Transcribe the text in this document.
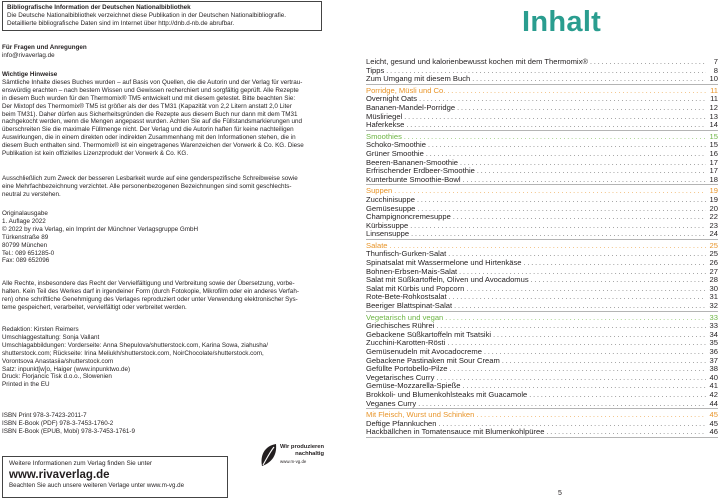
Bibliografische Information der Deutschen Nationalbibliothek
Die Deutsche Nationalbibliothek verzeichnet diese Publikation in der Deutschen Nationalbibliografie.
Detaillierte bibliografische Daten sind im Internet über http://dnb.d-nb.de abrufbar.
Für Fragen und Anregungen
info@rivaverlag.de
Wichtige Hinweise

Sämtliche Inhalte dieses Buches wurden – auf Basis von Quellen, die die Autorin und der Verlag für vertrau-

enswürdig erachten – nach bestem Wissen und Gewissen recherchiert und sorgfältig geprüft. Alle Rezepte

in diesem Buch wurden für den Thermomix® TM5 entwickelt und mit diesem getestet. Bitte beachten Sie:

Der Mixtopf des Thermomix® TM5 ist größer als der des TM31 (Kapazität von 2,2 Litern anstatt 2,0 Liter

beim TM31). Daher dürfen aus Sicherheitsgründen die Rezepte aus diesem Buch nur dann mit dem TM31

nachgekocht werden, wenn die Mengen angepasst wurden. Achten Sie auf die Füllstandsmarkierungen und

überschreiten Sie die maximale Füllmenge nicht. Der Verlag und die Autorin haften für keine nachteiligen

Auswirkungen, die in einem direkten oder indirekten Zusammenhang mit den Informationen stehen, die in

diesem Buch enthalten sind. Thermomix® ist ein eingetragenes Warenzeichen der Vorwerk & Co. KG. Diese

Publikation ist kein offizielles Lizenzprodukt der Vorwerk & Co. KG.

Ausschließlich zum Zweck der besseren Lesbarkeit wurde auf eine genderspezifische Schreibweise sowie

eine Mehrfachbezeichnung verzichtet. Alle personenbezogenen Bezeichnungen sind somit geschlechts-

neutral zu verstehen.

Originalausgabe

1. Auflage 2022

© 2022 by riva Verlag, ein Imprint der Münchner Verlagsgruppe GmbH

Türkenstraße 89

80799 München

Tel.: 089 651285-0

Fax: 089 652096

Alle Rechte, insbesondere das Recht der Vervielfältigung und Verbreitung sowie der Übersetzung, vorbe-

halten. Kein Teil des Werkes darf in irgendeiner Form (durch Fotokopie, Mikrofilm oder ein anderes Verfah-

ren) ohne schriftliche Genehmigung des Verlages reproduziert oder unter Verwendung elektronischer Sys-

teme gespeichert, verarbeitet, vervielfältigt oder verbreitet werden.

Redaktion: Kirsten Reimers

Umschlaggestaltung: Sonja Vallant

Umschlagabbildungen: Vorderseite: Anna Shepulova/shutterstock.com, Karina Sowa, ziahusha/

shutterstock.com; Rückseite: Irina Meliukh/shutterstock.com, NoirChocolate/shutterstock.com,

Vorontsova Anastasiia/shutterstock.com

Satz: inpunkt[w]o, Haiger (www.inpunktwo.de)

Druck: Florjancic Tisk d.o.o., Slowenien

Printed in the EU

ISBN Print 978-3-7423-2011-7

ISBN E-Book (PDF) 978-3-7453-1760-2

ISBN E-Book (EPUB, Mobi) 978-3-7453-1761-9

Wir produzieren
nachhaltig
www.m-vg.de
Weitere Informationen zum Verlag finden Sie unter
www.rivaverlag.de
Beachten Sie auch unsere weiteren Verlage unter www.m-vg.de
Inhalt
Leicht, gesund und kalorienbewusst kochen mit dem Thermomix® . . .	7
Tipps . . .	8
Zum Umgang mit diesem Buch . . .	10
Porridge, Müsli und Co. . . .	11
Overnight Oats . . .	11
Bananen-Mandel-Porridge . . .	12
Müsliriegel . . .	13
Haferkekse . . .	14
Smoothies . . .	15
Schoko-Smoothie . . .	15
Grüner Smoothie . . .	16
Beeren-Bananen-Smoothie . . .	17
Erfrischender Erdbeer-Smoothie . . .	17
Kunterbunte Smoothie-Bowl . . .	18
Suppen . . .	19
Zucchinisuppe . . .	19
Gemüsesuppe . . .	20
Champignoncremesuppe . . .	22
Kürbissuppe . . .	23
Linsensuppe . . .	24
Salate . . .	25
Thunfisch-Gurken-Salat . . .	25
Spinatsalat mit Wassermelone und Hirtenkäse . . .	26
Bohnen-Erbsen-Mais-Salat . . .	27
Salat mit Süßkartoffeln, Oliven und Avocadomus . . .	28
Salat mit Kürbis und Popcorn . . .	30
Rote-Bete-Rohkostsalat . . .	31
Beeriger Blattspinat-Salat . . .	32
Vegetarisch und vegan . . .	33
Griechisches Rührei . . .	33
Gebackene Süßkartoffeln mit Tsatsiki . . .	34
Zucchini-Karotten-Rösti . . .	35
Gemüsenudeln mit Avocadocreme . . .	36
Gebackene Pastinaken mit Sour Cream . . .	37
Gefüllte Portobello-Pilze . . .	38
Vegetarisches Curry . . .	40
Gemüse-Mozzarella-Spieße . . .	41
Brokkoli- und Blumenkohlsteaks mit Guacamole . . .	42
Veganes Curry . . .	44
Mit Fleisch, Wurst und Schinken . . .	45
Deftige Pfannkuchen . . .	45
Hackbällchen in Tomatensauce mit Blumenkohlpüree . . .	46
5
